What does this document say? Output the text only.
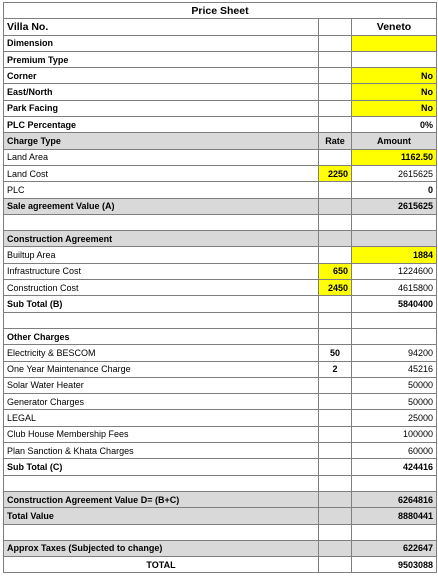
Price Sheet		
Villa No.		Veneto
Dimension		
Premium Type		
Corner		No
East/North		No
Park Facing		No
PLC Percentage		0%
Charge Type	Rate	Amount
Land Area		1162.50
Land Cost	2250	2615625
PLC		0
Sale agreement Value (A)		2615625

Construction Agreement		
Builtup Area		1884
Infrastructure Cost	650	1224600
Construction Cost	2450	4615800
Sub Total (B)		5840400

Other Charges		
Electricity & BESCOM	50	94200
One Year Maintenance Charge	2	45216
Solar Water Heater		50000
Generator Charges		50000
LEGAL		25000
Club House Membership Fees		100000
Plan Sanction & Khata Charges		60000
Sub Total (C)		424416

Construction Agreement Value D= (B+C)		6264816
Total Value		8880441

Approx Taxes (Subjected to change)		622647
TOTAL		9503088
